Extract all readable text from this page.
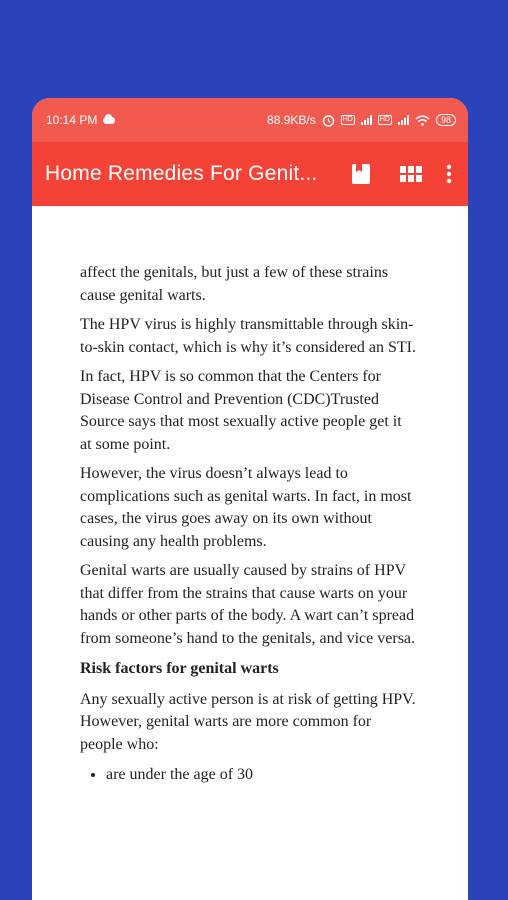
10:14 PM	88.9KB/s	HD	HD	98
Home Remedies For Genit...

affect the genitals, but just a few of these strains cause genital warts.

The HPV virus is highly transmittable through skin-to-skin contact, which is why it’s considered an STI.

In fact, HPV is so common that the Centers for Disease Control and Prevention (CDC)Trusted Source says that most sexually active people get it at some point.

However, the virus doesn’t always lead to complications such as genital warts. In fact, in most cases, the virus goes away on its own without causing any health problems.

Genital warts are usually caused by strains of HPV that differ from the strains that cause warts on your hands or other parts of the body. A wart can’t spread from someone’s hand to the genitals, and vice versa.

Risk factors for genital warts

Any sexually active person is at risk of getting HPV. However, genital warts are more common for people who:

• are under the age of 30
